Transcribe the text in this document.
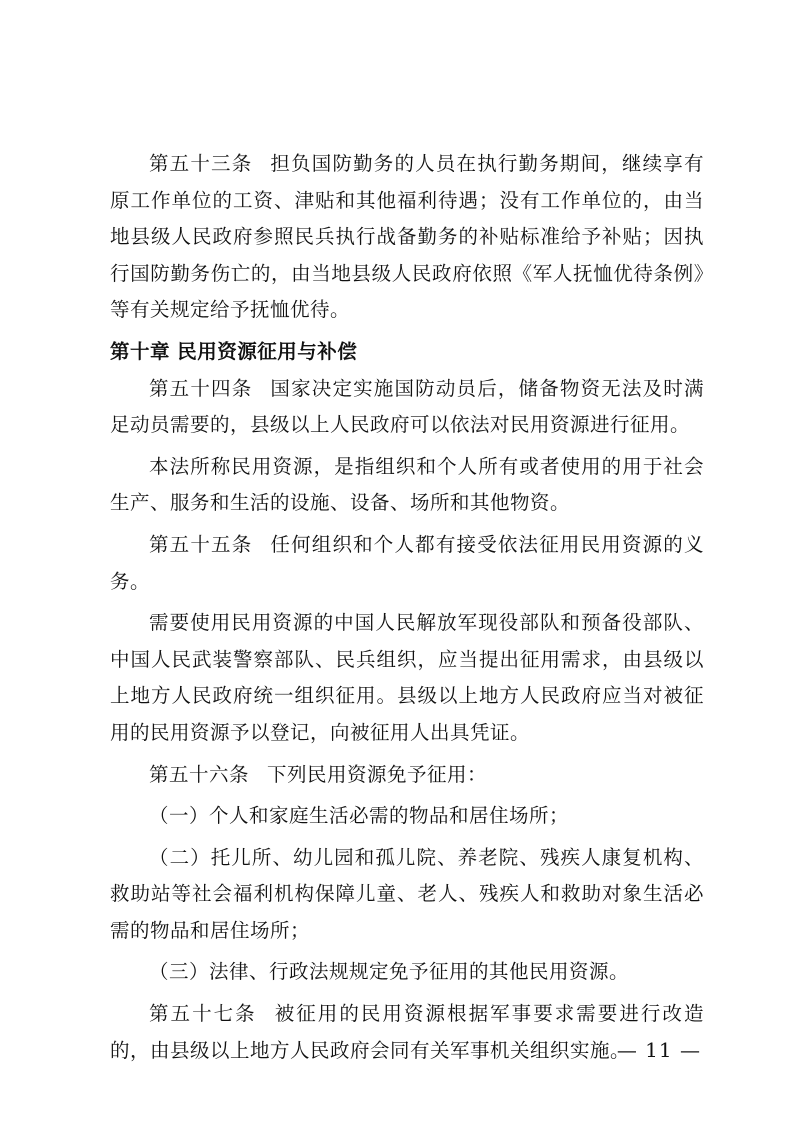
第五十三条 担负国防勤务的人员在执行勤务期间，继续享有原工作单位的工资、津贴和其他福利待遇；没有工作单位的，由当地县级人民政府参照民兵执行战备勤务的补贴标准给予补贴；因执行国防勤务伤亡的，由当地县级人民政府依照《军人抚恤优待条例》等有关规定给予抚恤优待。

第十章 民用资源征用与补偿

第五十四条 国家决定实施国防动员后，储备物资无法及时满足动员需要的，县级以上人民政府可以依法对民用资源进行征用。

本法所称民用资源，是指组织和个人所有或者使用的用于社会生产、服务和生活的设施、设备、场所和其他物资。

第五十五条 任何组织和个人都有接受依法征用民用资源的义务。

需要使用民用资源的中国人民解放军现役部队和预备役部队、中国人民武装警察部队、民兵组织，应当提出征用需求，由县级以上地方人民政府统一组织征用。县级以上地方人民政府应当对被征用的民用资源予以登记，向被征用人出具凭证。

第五十六条 下列民用资源免予征用：

（一）个人和家庭生活必需的物品和居住场所；

（二）托儿所、幼儿园和孤儿院、养老院、残疾人康复机构、救助站等社会福利机构保障儿童、老人、残疾人和救助对象生活必需的物品和居住场所；

（三）法律、行政法规规定免予征用的其他民用资源。

第五十七条 被征用的民用资源根据军事要求需要进行改造的，由县级以上地方人民政府会同有关军事机关组织实施。

— 11 —
